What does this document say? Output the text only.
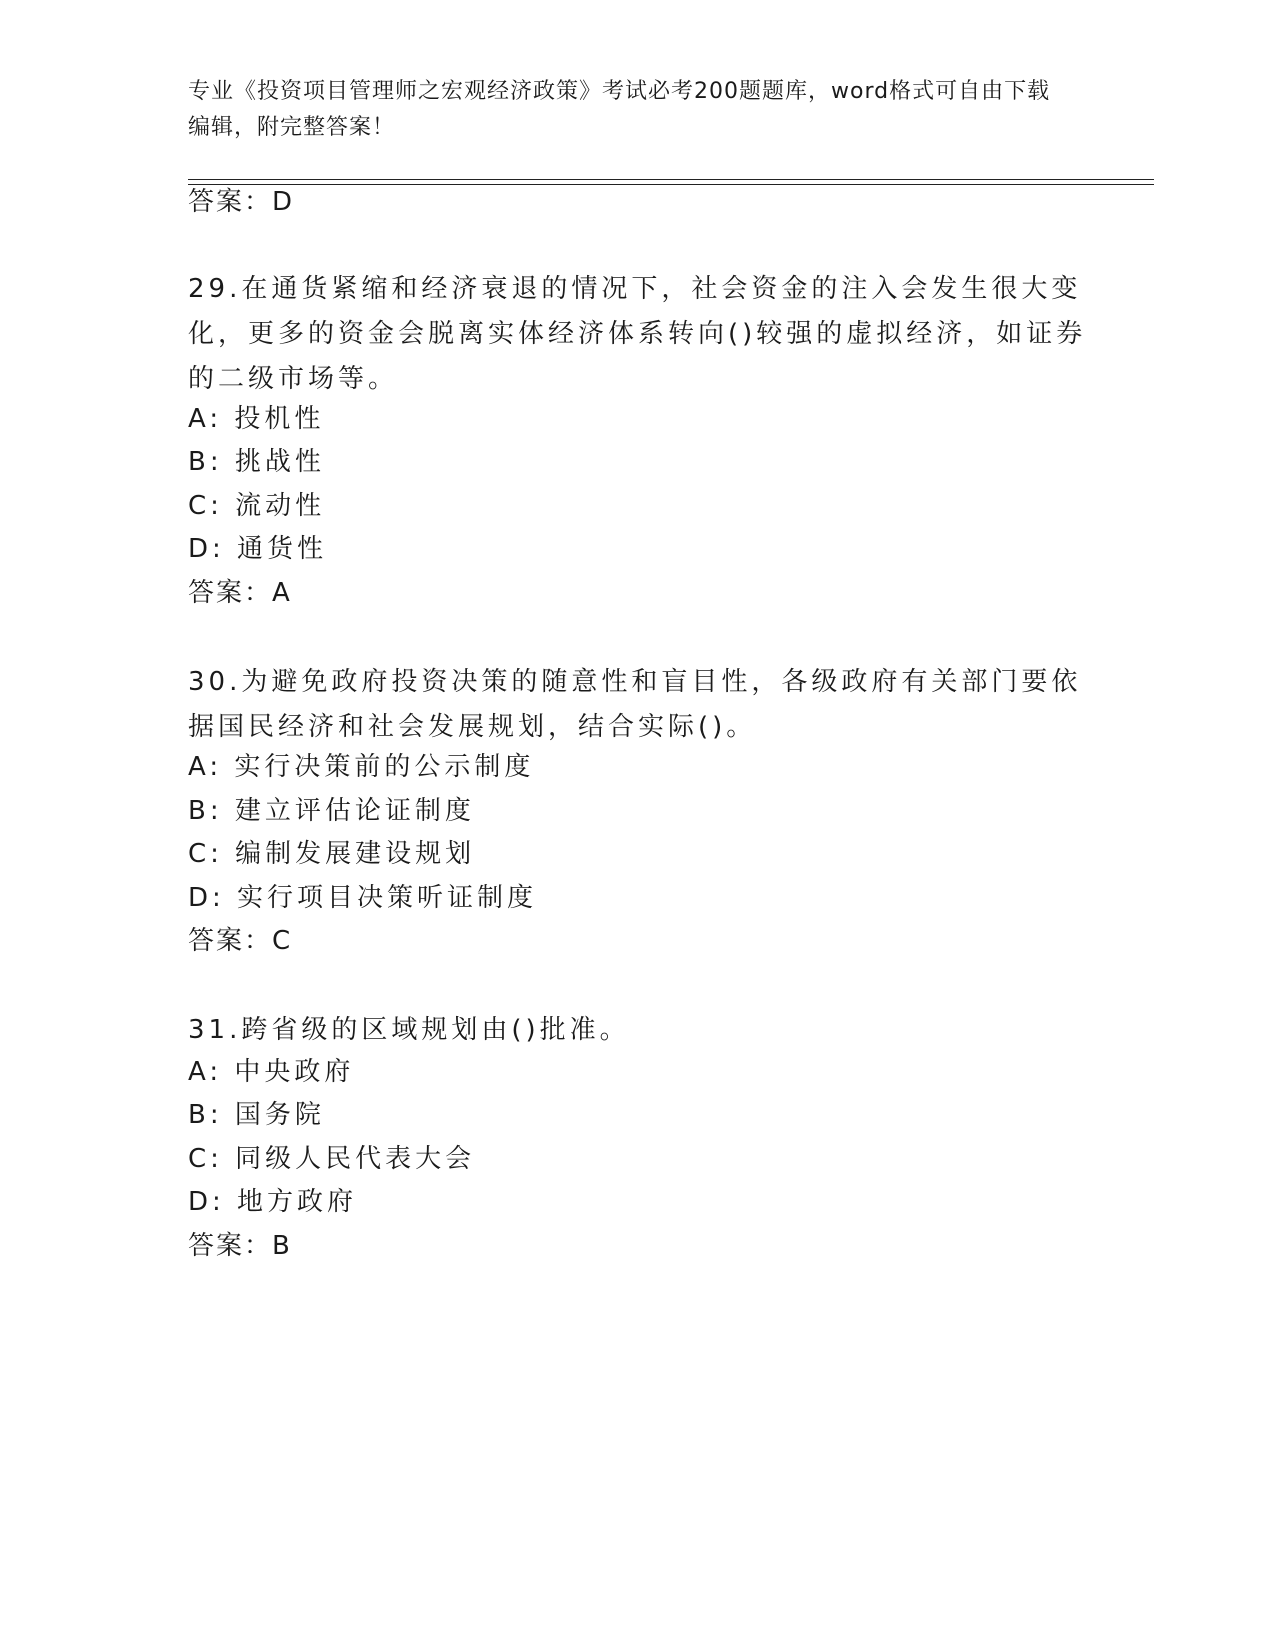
专业《投资项目管理师之宏观经济政策》考试必考200题题库，word格式可自由下载编辑，附完整答案！
答案：D
29.在通货紧缩和经济衰退的情况下，社会资金的注入会发生很大变化，更多的资金会脱离实体经济体系转向()较强的虚拟经济，如证券的二级市场等。
A: 投机性
B: 挑战性
C: 流动性
D: 通货性
答案：A
30.为避免政府投资决策的随意性和盲目性，各级政府有关部门要依据国民经济和社会发展规划，结合实际()。
A: 实行决策前的公示制度
B: 建立评估论证制度
C: 编制发展建设规划
D: 实行项目决策听证制度
答案：C
31.跨省级的区域规划由()批准。
A: 中央政府
B: 国务院
C: 同级人民代表大会
D: 地方政府
答案：B
